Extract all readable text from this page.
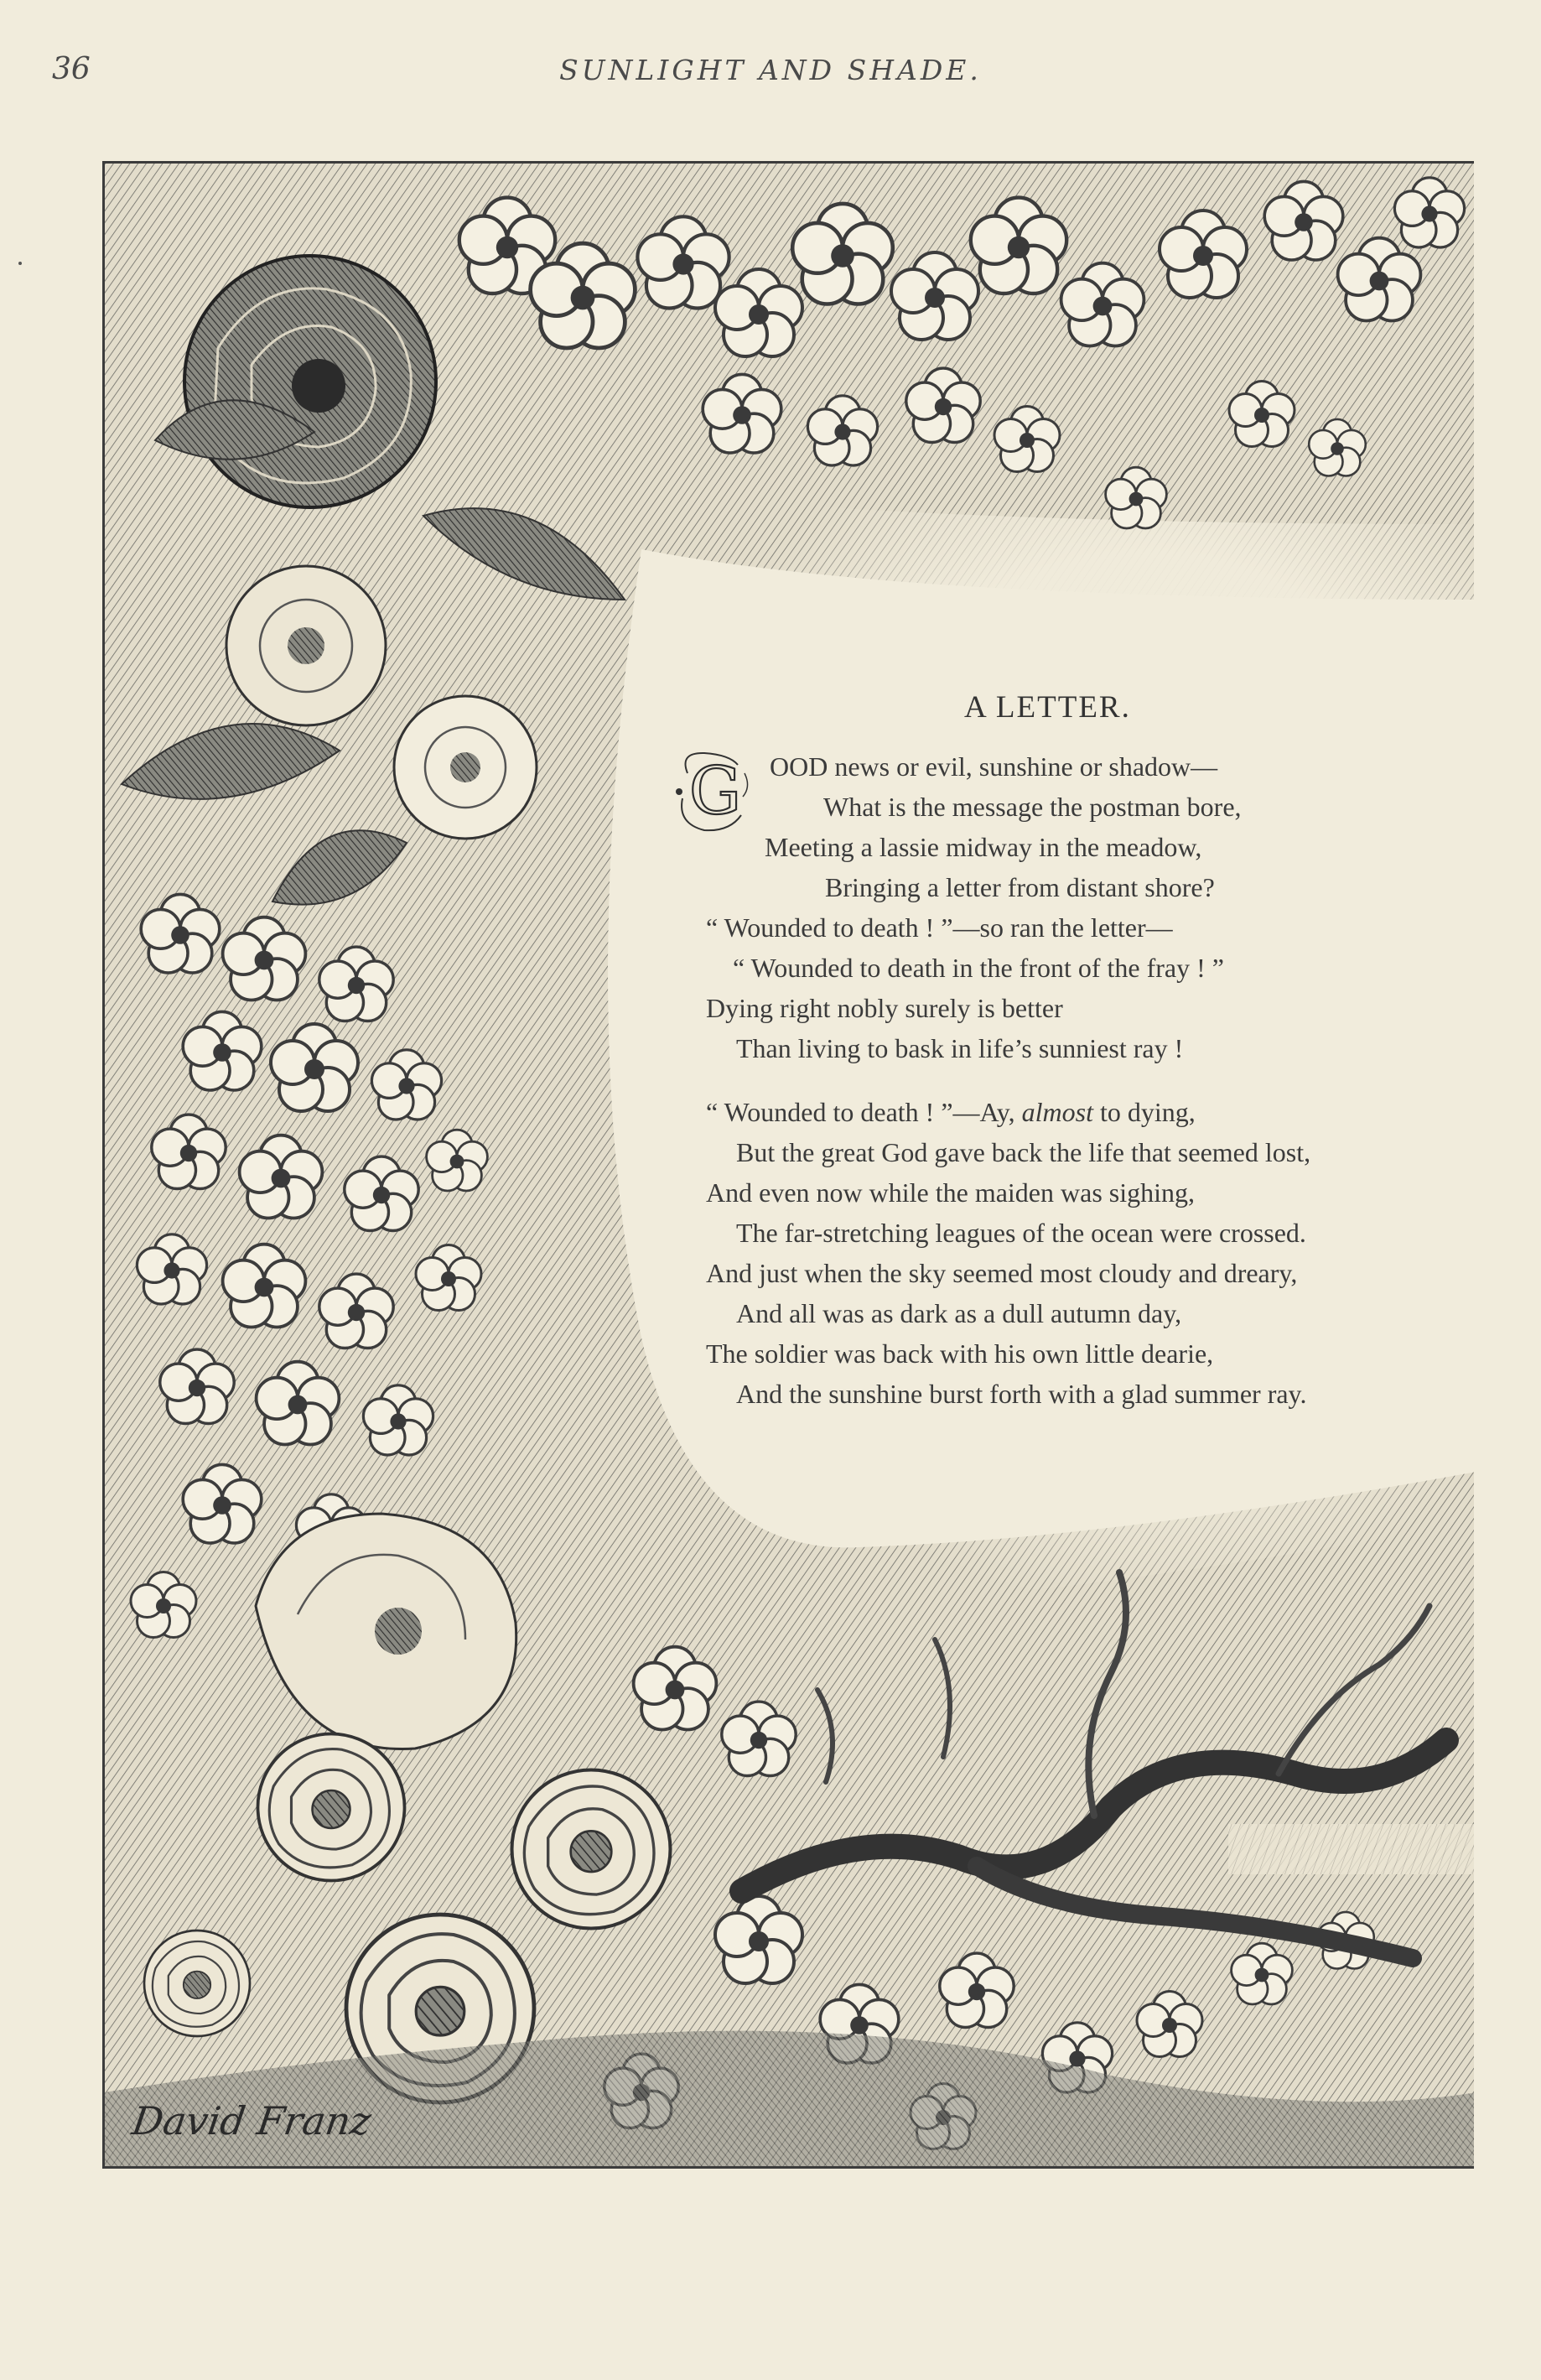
36	SUNLIGHT AND SHADE.
A LETTER.
G OOD news or evil, sunshine or shadow—
What is the message the postman bore,
Meeting a lassie midway in the meadow,
Bringing a letter from distant shore?
“ Wounded to death ! ”—so ran the letter—
“ Wounded to death in the front of the fray ! ”
Dying right nobly surely is better
Than living to bask in life’s sunniest ray !
“ Wounded to death ! ”—Ay, almost to dying,
But the great God gave back the life that seemed lost,
And even now while the maiden was sighing,
The far-stretching leagues of the ocean were crossed.
And just when the sky seemed most cloudy and dreary,
And all was as dark as a dull autumn day,
The soldier was back with his own little dearie,
And the sunshine burst forth with a glad summer ray.
David Franz
